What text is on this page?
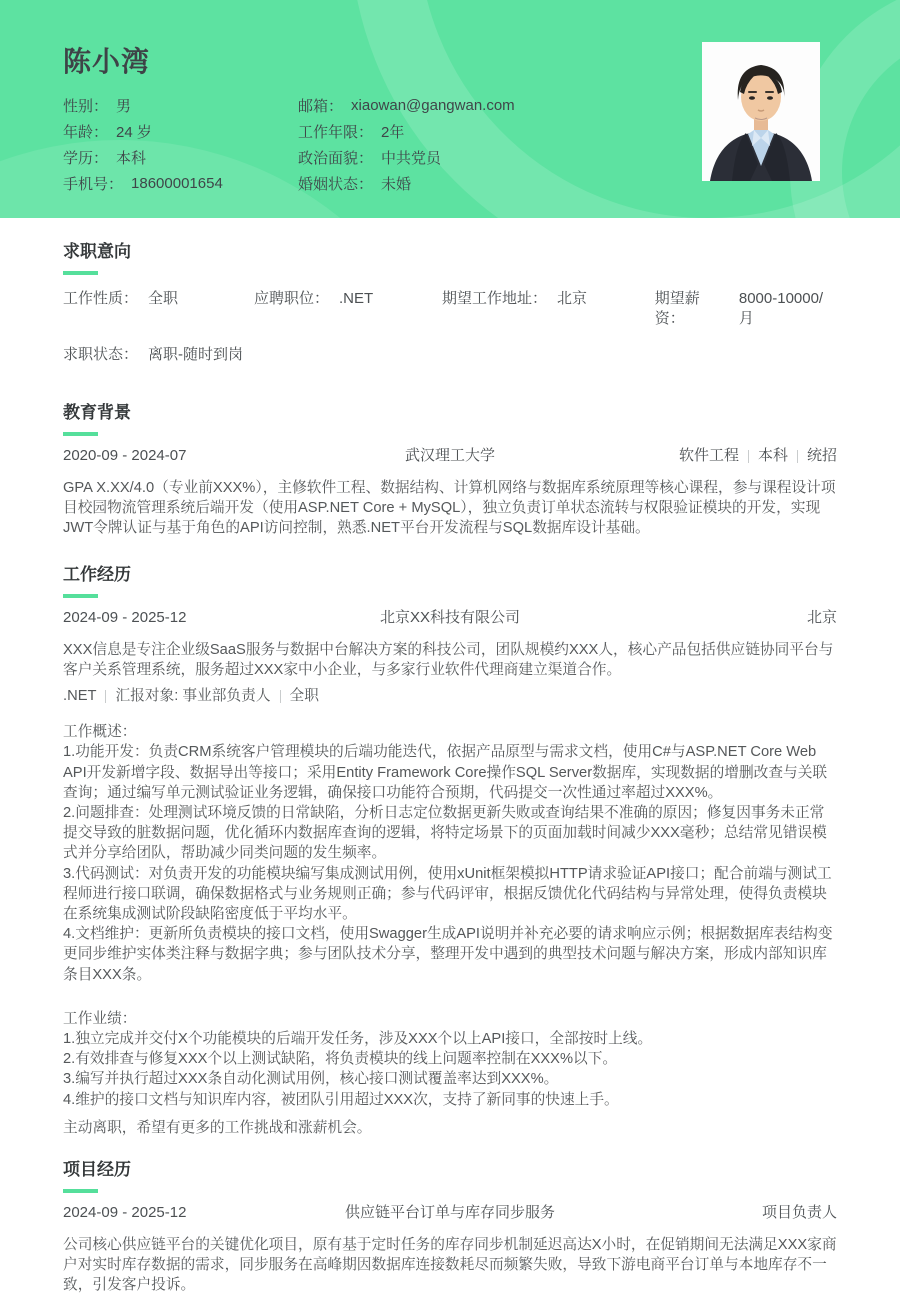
陈小湾
性别： 男
年龄： 24 岁
学历： 本科
手机号： 18600001654
邮箱： xiaowan@gangwan.com
工作年限： 2年
政治面貌： 中共党员
婚姻状态： 未婚
求职意向
工作性质： 全职	应聘职位： .NET	期望工作地址： 北京	期望薪资：
8000-10000/月
求职状态： 离职-随时到岗
教育背景
2020-09 - 2024-07	武汉理工大学	软件工程 本科 统招
GPA X.XX/4.0（专业前XXX%），主修软件工程、数据结构、计算机网络与数据库系统原理等核心课程，参与课程设计项目校园物流管理系统后端开发（使用ASP.NET Core + MySQL），独立负责订单状态流转与权限验证模块的开发，实现JWT令牌认证与基于角色的API访问控制，熟悉.NET平台开发流程与SQL数据库设计基础。
工作经历
2024-09 - 2025-12	北京XX科技有限公司	北京
XXX信息是专注企业级SaaS服务与数据中台解决方案的科技公司，团队规模约XXX人，核心产品包括供应链协同平台与客户关系管理系统，服务超过XXX家中小企业，与多家行业软件代理商建立渠道合作。
.NET 汇报对象: 事业部负责人 全职
工作概述：
1.功能开发：负责CRM系统客户管理模块的后端功能迭代，依据产品原型与需求文档，使用C#与ASP.NET Core Web API开发新增字段、数据导出等接口；采用Entity Framework Core操作SQL Server数据库，实现数据的增删改查与关联查询；通过编写单元测试验证业务逻辑，确保接口功能符合预期，代码提交一次性通过率超过XXX%。
2.问题排查：处理测试环境反馈的日常缺陷，分析日志定位数据更新失败或查询结果不准确的原因；修复因事务未正常提交导致的脏数据问题，优化循环内数据库查询的逻辑，将特定场景下的页面加载时间减少XXX毫秒；总结常见错误模式并分享给团队，帮助减少同类问题的发生频率。
3.代码测试：对负责开发的功能模块编写集成测试用例，使用xUnit框架模拟HTTP请求验证API接口；配合前端与测试工程师进行接口联调，确保数据格式与业务规则正确；参与代码评审，根据反馈优化代码结构与异常处理，使得负责模块在系统集成测试阶段缺陷密度低于平均水平。
4.文档维护：更新所负责模块的接口文档，使用Swagger生成API说明并补充必要的请求响应示例；根据数据库表结构变更同步维护实体类注释与数据字典；参与团队技术分享，整理开发中遇到的典型技术问题与解决方案，形成内部知识库条目XXX条。
工作业绩：
1.独立完成并交付X个功能模块的后端开发任务，涉及XXX个以上API接口，全部按时上线。
2.有效排查与修复XXX个以上测试缺陷，将负责模块的线上问题率控制在XXX%以下。
3.编写并执行超过XXX条自动化测试用例，核心接口测试覆盖率达到XXX%。
4.维护的接口文档与知识库内容，被团队引用超过XXX次，支持了新同事的快速上手。
主动离职，希望有更多的工作挑战和涨薪机会。
项目经历
2024-09 - 2025-12	供应链平台订单与库存同步服务	项目负责人
公司核心供应链平台的关键优化项目，原有基于定时任务的库存同步机制延迟高达X小时，在促销期间无法满足XXX家商户对实时库存数据的需求，同步服务在高峰期因数据库连接数耗尽而频繁失败，导致下游电商平台订单与本地库存不一致，引发客户投诉。
